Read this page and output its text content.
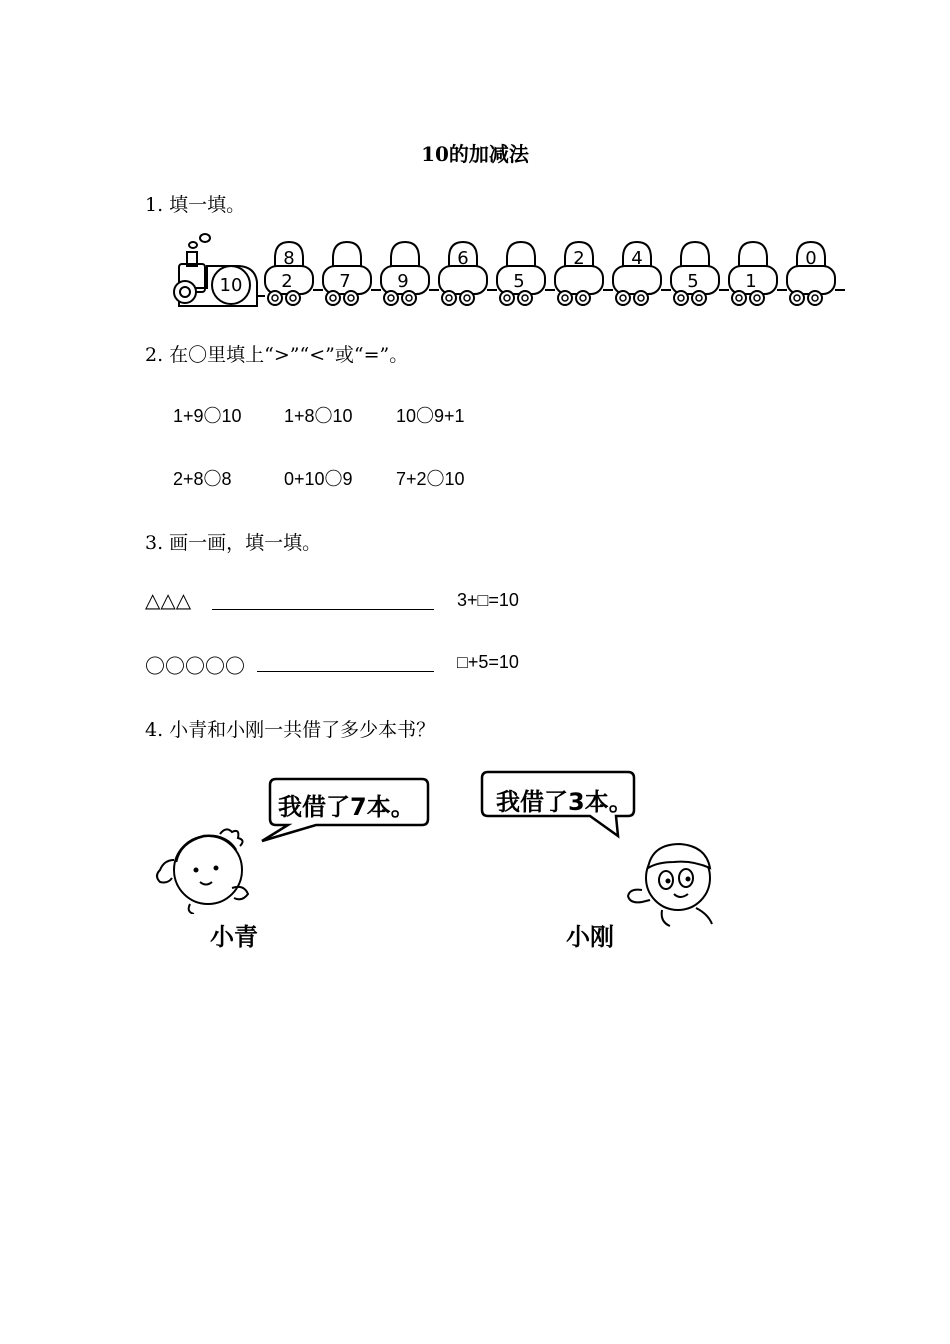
10的加减法
1. 填一填。
10
8
2	7	9
6
5
2	4
5	1
0
2. 在〇里填上“>”“<”或“=”。
1+9〇10 1+8〇10 10〇9+1
2+8〇8	0+10〇9 7+2〇10
3. 画一画，填一填。
△△△	3+□=10
〇〇〇〇〇	□+5=10
4. 小青和小刚一共借了多少本书？
我借了7本。	我借了3本。
小青	小刚
